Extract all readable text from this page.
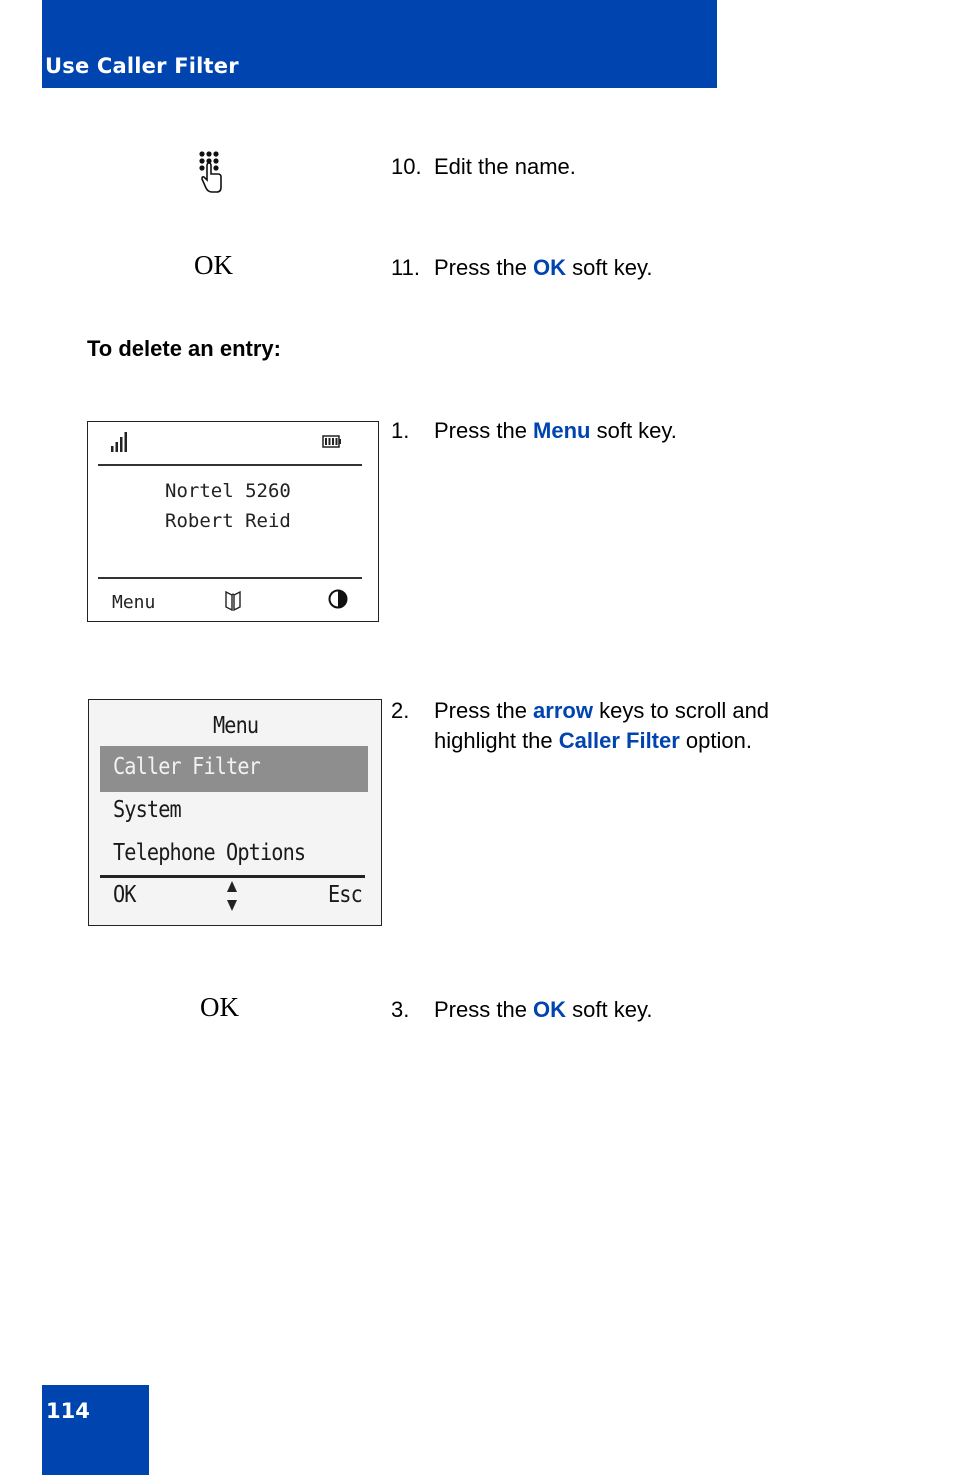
Use Caller Filter
10. Edit the name.
OK	11. Press the OK soft key.
To delete an entry:
Nortel 5260
Robert Reid
Menu
1. Press the Menu soft key.
Menu
Caller Filter
System
Telephone Options
OK	Esc
2. Press the arrow keys to scroll and
highlight the Caller Filter option.
OK	3. Press the OK soft key.
114
